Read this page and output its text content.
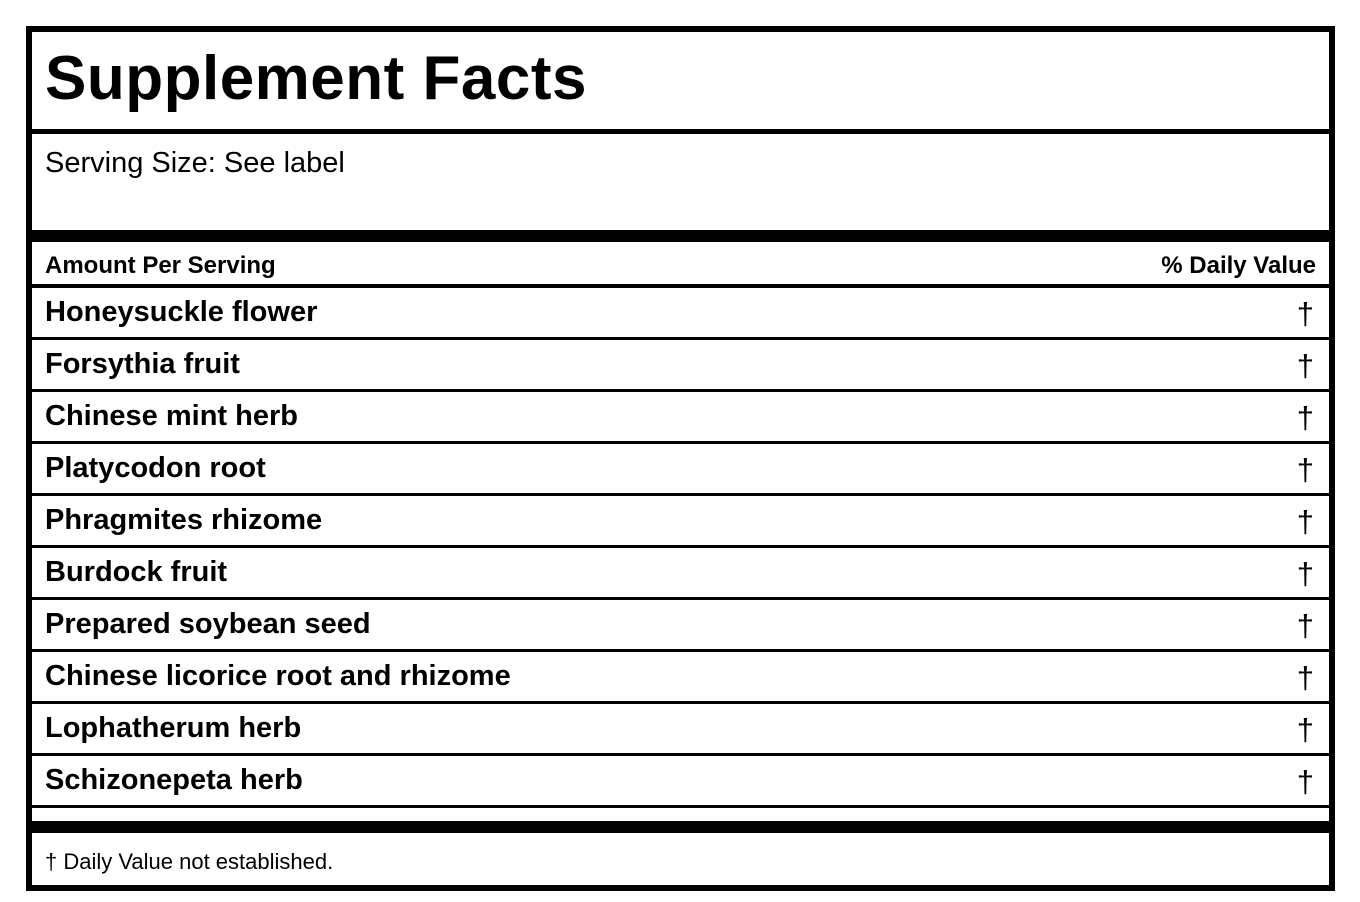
Supplement Facts
Serving Size: See label
Amount Per Serving	% Daily Value
Honeysuckle flower	†
Forsythia fruit	†
Chinese mint herb	†
Platycodon root	†
Phragmites rhizome	†
Burdock fruit	†
Prepared soybean seed	†
Chinese licorice root and rhizome	†
Lophatherum herb	†
Schizonepeta herb	†
† Daily Value not established.
